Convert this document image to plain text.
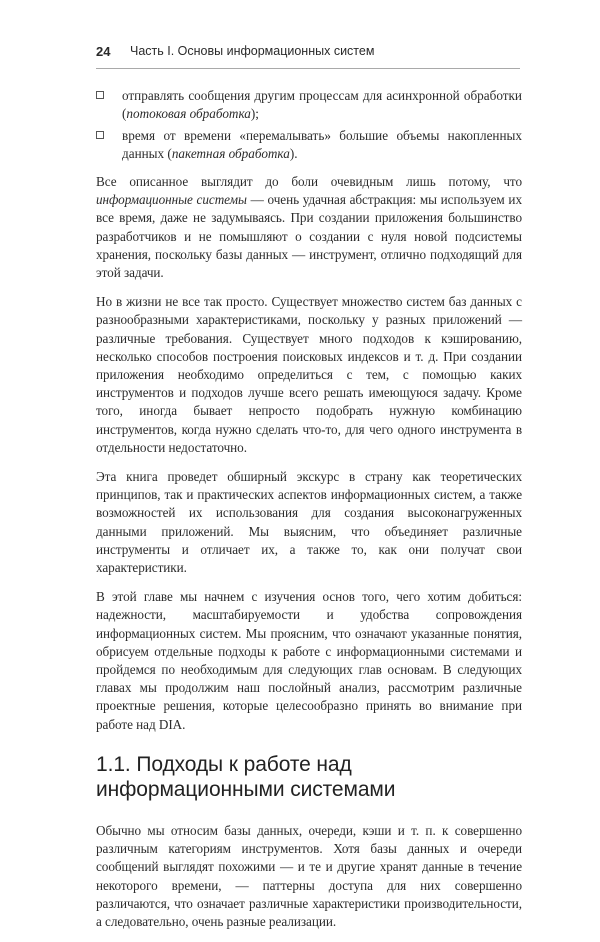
24 Часть I. Основы информационных систем
отправлять сообщения другим процессам для асинхронной обработки (потоковая обработка);
время от времени «перемалывать» большие объемы накопленных данных (пакетная обработка).

Все описанное выглядит до боли очевидным лишь потому, что информационные системы — очень удачная абстракция: мы используем их все время, даже не задумываясь. При создании приложения большинство разработчиков и не помышляют о создании с нуля новой подсистемы хранения, поскольку базы данных — инструмент, отлично подходящий для этой задачи.

Но в жизни не все так просто. Существует множество систем баз данных с разнообразными характеристиками, поскольку у разных приложений — различные требования. Существует много подходов к кэшированию, несколько способов построения поисковых индексов и т. д. При создании приложения необходимо определиться с тем, с помощью каких инструментов и подходов лучше всего решать имеющуюся задачу. Кроме того, иногда бывает непросто подобрать нужную комбинацию инструментов, когда нужно сделать что-то, для чего одного инструмента в отдельности недостаточно.

Эта книга проведет обширный экскурс в страну как теоретических принципов, так и практических аспектов информационных систем, а также возможностей их использования для создания высоконагруженных данными приложений. Мы выясним, что объединяет различные инструменты и отличает их, а также то, как они получат свои характеристики.

В этой главе мы начнем с изучения основ того, чего хотим добиться: надежности, масштабируемости и удобства сопровождения информационных систем. Мы проясним, что означают указанные понятия, обрисуем отдельные подходы к работе с информационными системами и пройдемся по необходимым для следующих глав основам. В следующих главах мы продолжим наш послойный анализ, рассмотрим различные проектные решения, которые целесообразно принять во внимание при работе над DIA.

1.1. Подходы к работе над информационными системами

Обычно мы относим базы данных, очереди, кэши и т. п. к совершенно различным категориям инструментов. Хотя базы данных и очереди сообщений выглядят похожими — и те и другие хранят данные в течение некоторого времени, — паттерны доступа для них совершенно различаются, что означает различные характеристики производительности, а следовательно, очень разные реализации.
